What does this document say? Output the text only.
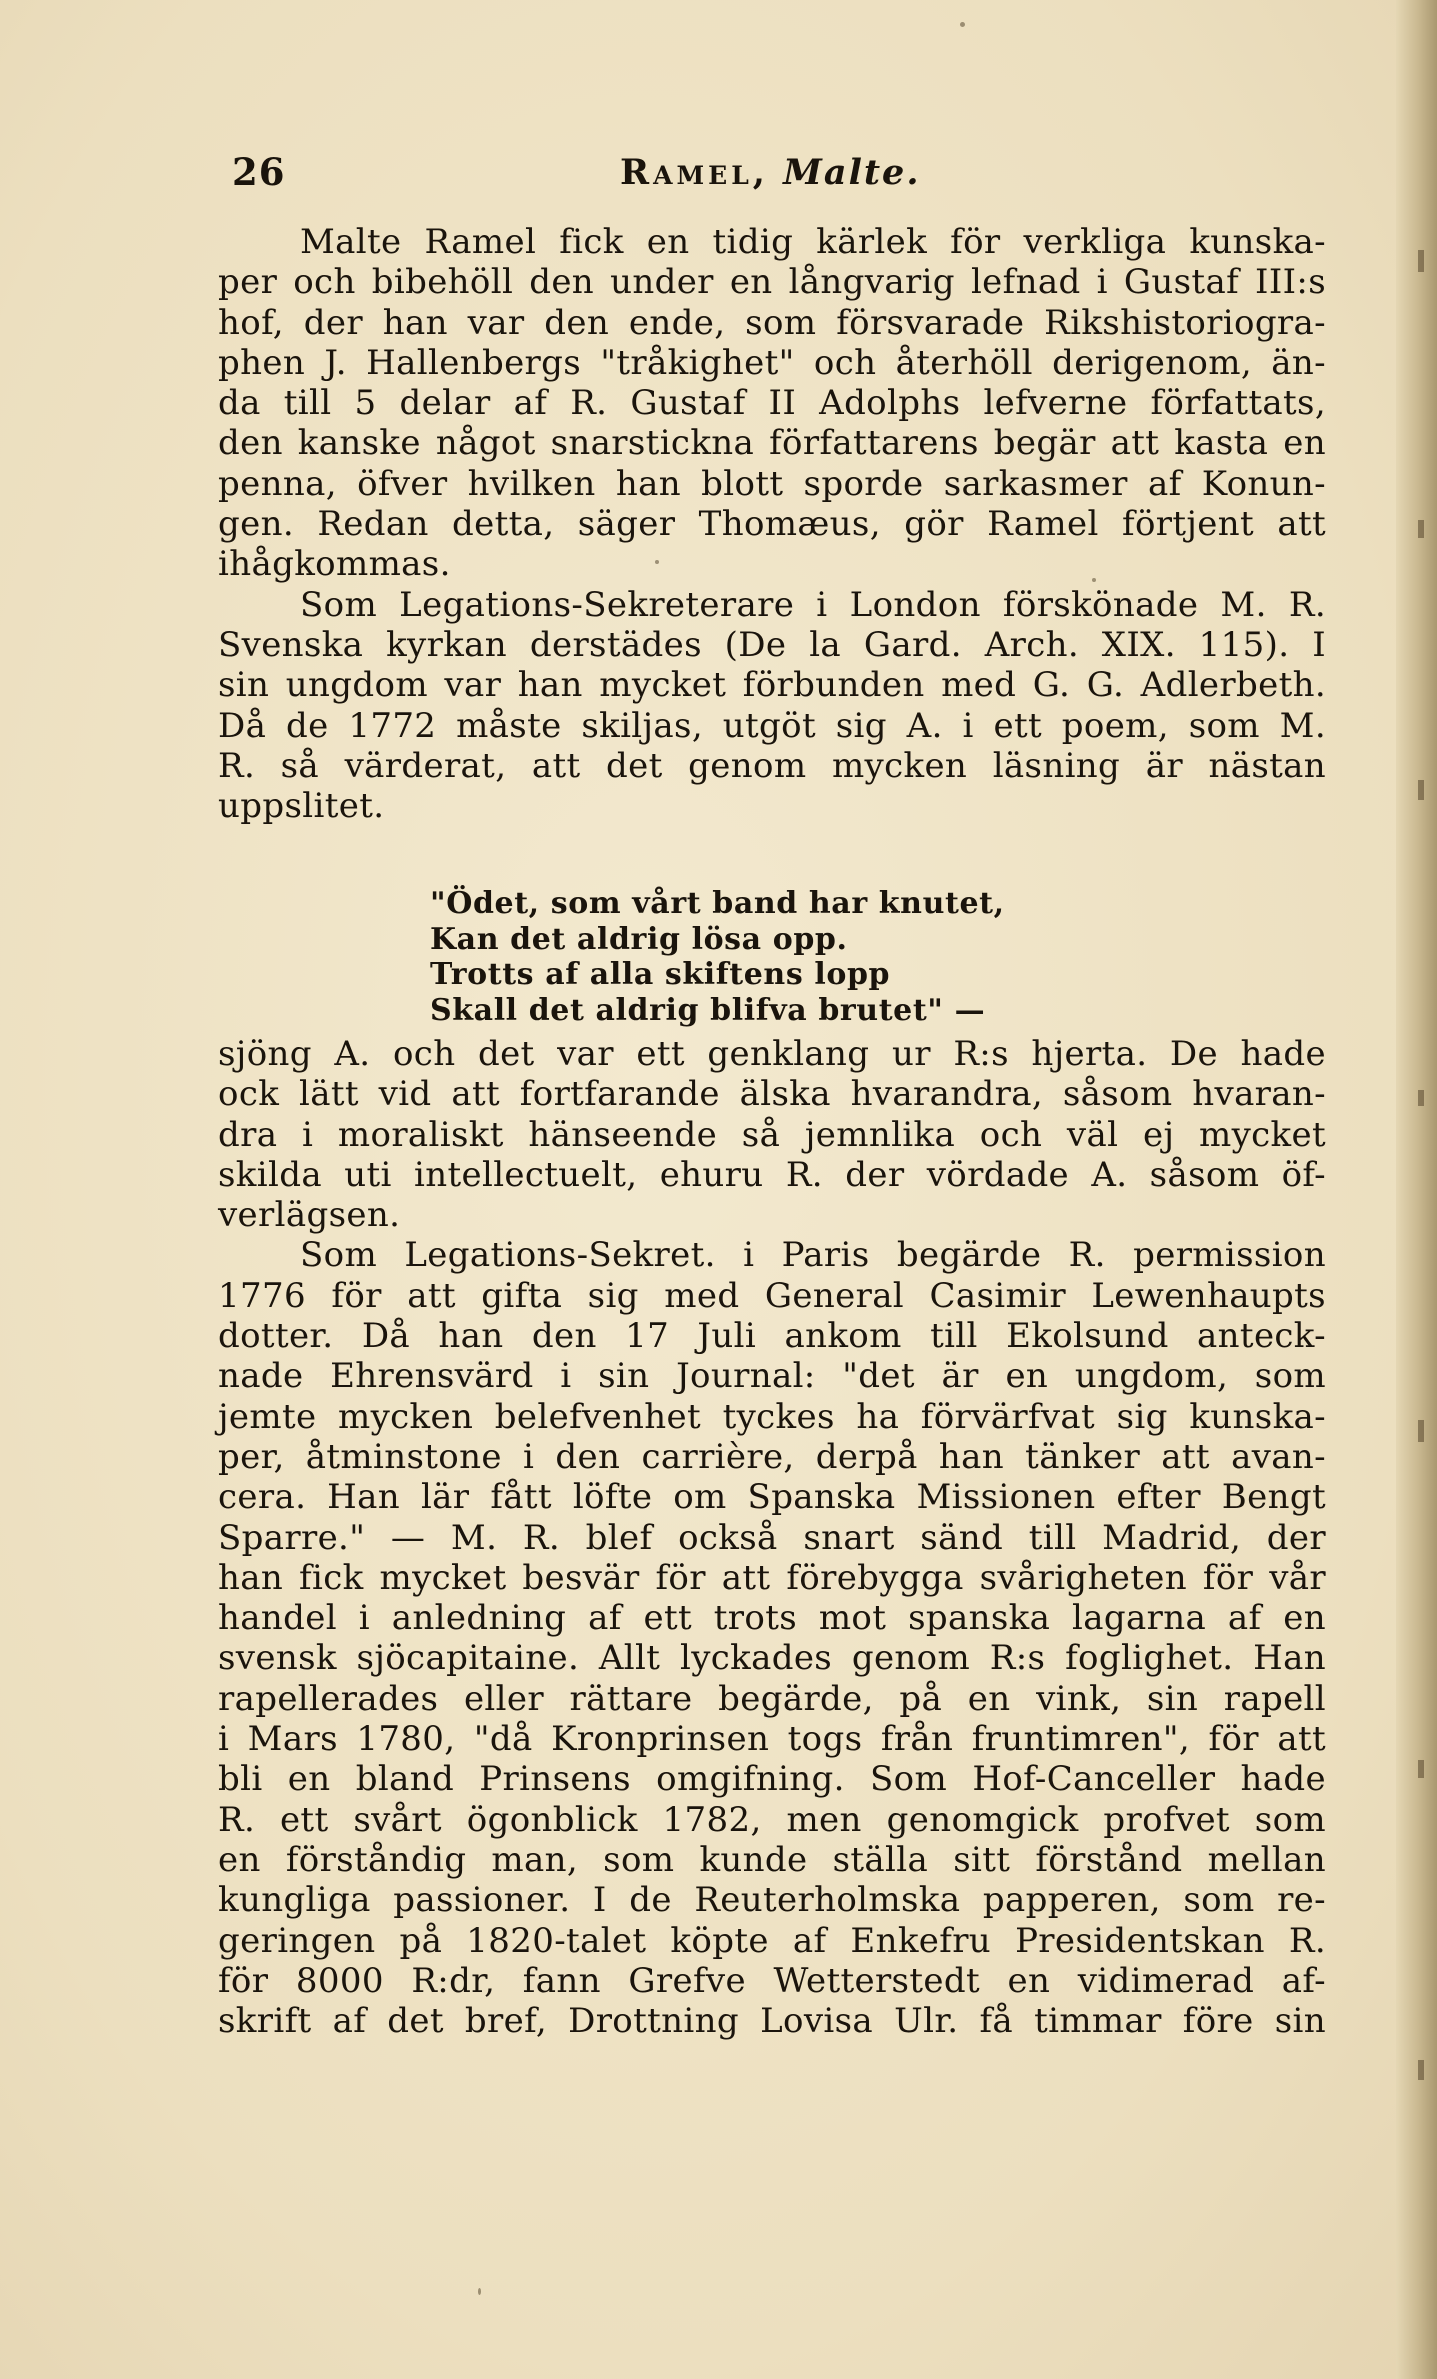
26	Ramel, Malte.
Malte Ramel fick en tidig kärlek för verkliga kunska-
per och bibehöll den under en långvarig lefnad i Gustaf III:s
hof, der han var den ende, som försvarade Rikshistoriogra-
phen J. Hallenbergs "tråkighet" och återhöll derigenom, än-
da till 5 delar af R. Gustaf II Adolphs lefverne författats,
den kanske något snarstickna författarens begär att kasta en
penna, öfver hvilken han blott sporde sarkasmer af Konun-
gen. Redan detta, säger Thomæus, gör Ramel förtjent att
ihågkommas.
Som Legations-Sekreterare i London förskönade M. R.
Svenska kyrkan derstädes (De la Gard. Arch. XIX. 115). I
sin ungdom var han mycket förbunden med G. G. Adlerbeth.
Då de 1772 måste skiljas, utgöt sig A. i ett poem, som M.
R. så värderat, att det genom mycken läsning är nästan
uppslitet.
"Ödet, som vårt band har knutet,
Kan det aldrig lösa opp.
Trotts af alla skiftens lopp
Skall det aldrig blifva brutet" —
sjöng A. och det var ett genklang ur R:s hjerta. De hade
ock lätt vid att fortfarande älska hvarandra, såsom hvaran-
dra i moraliskt hänseende så jemnlika och väl ej mycket
skilda uti intellectuelt, ehuru R. der vördade A. såsom öf-
verlägsen.
Som Legations-Sekret. i Paris begärde R. permission
1776 för att gifta sig med General Casimir Lewenhaupts
dotter. Då han den 17 Juli ankom till Ekolsund anteck-
nade Ehrensvärd i sin Journal: "det är en ungdom, som
jemte mycken belefvenhet tyckes ha förvärfvat sig kunska-
per, åtminstone i den carrière, derpå han tänker att avan-
cera. Han lär fått löfte om Spanska Missionen efter Bengt
Sparre." — M. R. blef också snart sänd till Madrid, der
han fick mycket besvär för att förebygga svårigheten för vår
handel i anledning af ett trots mot spanska lagarna af en
svensk sjöcapitaine. Allt lyckades genom R:s foglighet. Han
rapellerades eller rättare begärde, på en vink, sin rapell
i Mars 1780, "då Kronprinsen togs från fruntimren", för att
bli en bland Prinsens omgifning. Som Hof-Canceller hade
R. ett svårt ögonblick 1782, men genomgick profvet som
en förståndig man, som kunde ställa sitt förstånd mellan
kungliga passioner. I de Reuterholmska papperen, som re-
geringen på 1820-talet köpte af Enkefru Presidentskan R.
för 8000 R:dr, fann Grefve Wetterstedt en vidimerad af-
skrift af det bref, Drottning Lovisa Ulr. få timmar före sin
